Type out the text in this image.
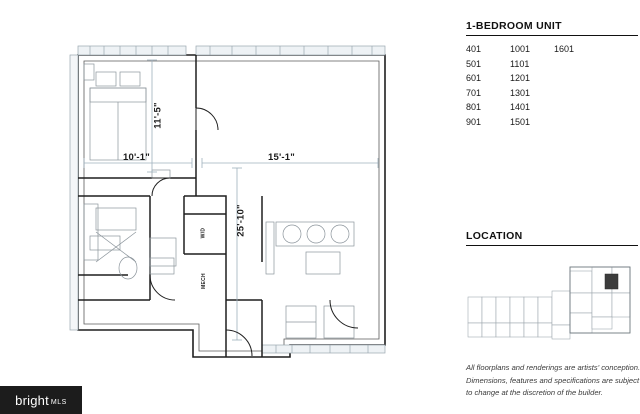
11'-5"
10'-1"	15'-1"
25'-10"
W/D
MECH
1-BEDROOM UNIT
401	1001	1601
501	1101
601	1201
701	1301
801	1401
901	1501
LOCATION
All floorplans and renderings are artists' conception.
Dimensions, features and specifications are subject
to change at the discretion of the builder.
bright MLS
